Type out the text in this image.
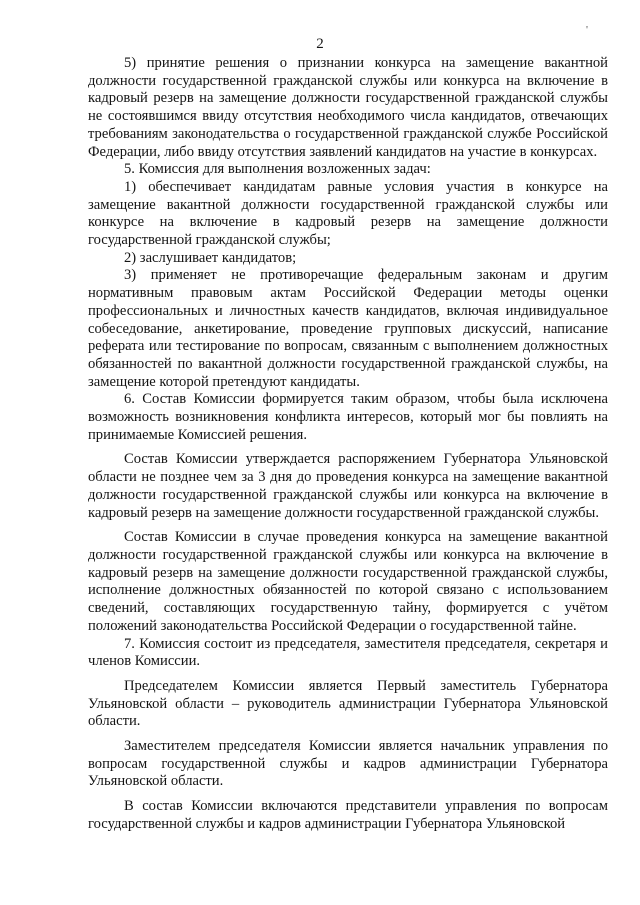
2
'

5) принятие решения о признании конкурса на замещение вакантной должности государственной гражданской службы или конкурса на включение в кадровый резерв на замещение должности государственной гражданской службы не состоявшимся ввиду отсутствия необходимого числа кандидатов, отвечающих требованиям законодательства о государственной гражданской службе Российской Федерации, либо ввиду отсутствия заявлений кандидатов на участие в конкурсах.

5. Комиссия для выполнения возложенных задач:

1) обеспечивает кандидатам равные условия участия в конкурсе на замещение вакантной должности государственной гражданской службы или конкурсе на включение в кадровый резерв на замещение должности государственной гражданской службы;

2) заслушивает кандидатов;

3) применяет не противоречащие федеральным законам и другим нормативным правовым актам Российской Федерации методы оценки профессиональных и личностных качеств кандидатов, включая индивидуальное собеседование, анкетирование, проведение групповых дискуссий, написание реферата или тестирование по вопросам, связанным с выполнением должностных обязанностей по вакантной должности государственной гражданской службы, на замещение которой претендуют кандидаты.

6. Состав Комиссии формируется таким образом, чтобы была исключена возможность возникновения конфликта интересов, который мог бы повлиять на принимаемые Комиссией решения.

Состав Комиссии утверждается распоряжением Губернатора Ульяновской области не позднее чем за 3 дня до проведения конкурса на замещение вакантной должности государственной гражданской службы или конкурса на включение в кадровый резерв на замещение должности государственной гражданской службы.

Состав Комиссии в случае проведения конкурса на замещение вакантной должности государственной гражданской службы или конкурса на включение в кадровый резерв на замещение должности государственной гражданской службы, исполнение должностных обязанностей по которой связано с использованием сведений, составляющих государственную тайну, формируется с учётом положений законодательства Российской Федерации о государственной тайне.

7. Комиссия состоит из председателя, заместителя председателя, секретаря и членов Комиссии.

Председателем Комиссии является Первый заместитель Губернатора Ульяновской области – руководитель администрации Губернатора Ульяновской области.

Заместителем председателя Комиссии является начальник управления по вопросам государственной службы и кадров администрации Губернатора Ульяновской области.

В состав Комиссии включаются представители управления по вопросам государственной службы и кадров администрации Губернатора Ульяновской
